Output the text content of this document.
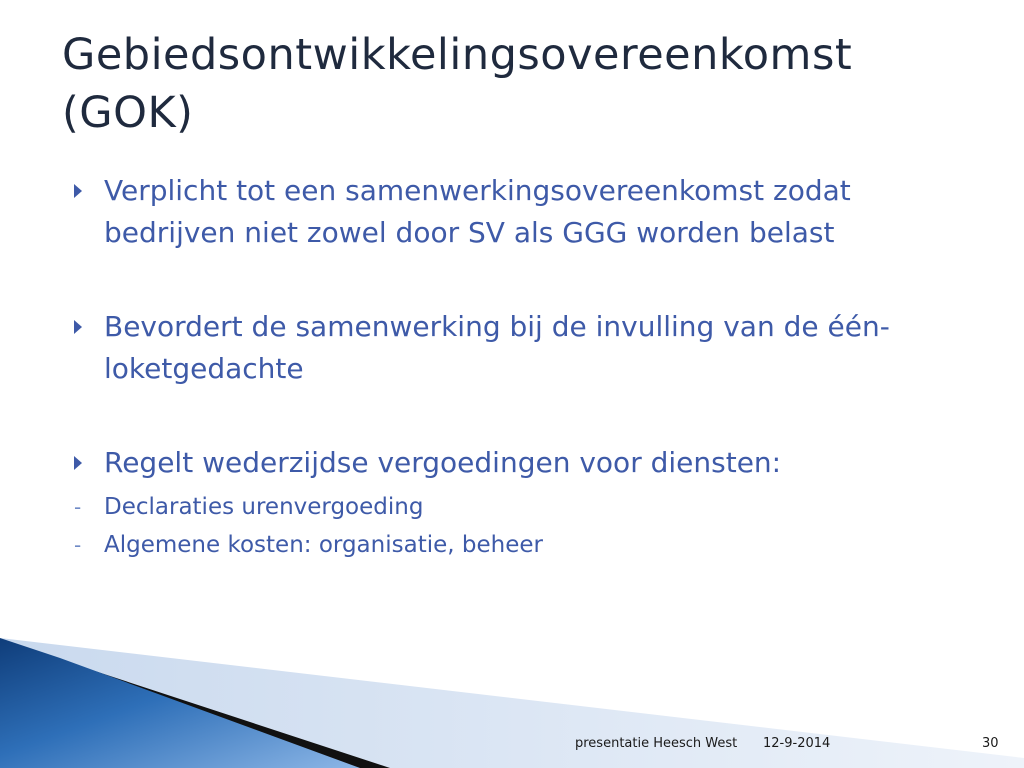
Gebiedsontwikkelingsovereenkomst
(GOK)

Verplicht tot een samenwerkingsovereenkomst zodat bedrijven niet zowel door SV als GGG worden belast

Bevordert de samenwerking bij de invulling van de één-loketgedachte

Regelt wederzijdse vergoedingen voor diensten:

- Declaraties urenvergoeding

- Algemene kosten: organisatie, beheer

presentatie Heesch West 12-9-2014	30
